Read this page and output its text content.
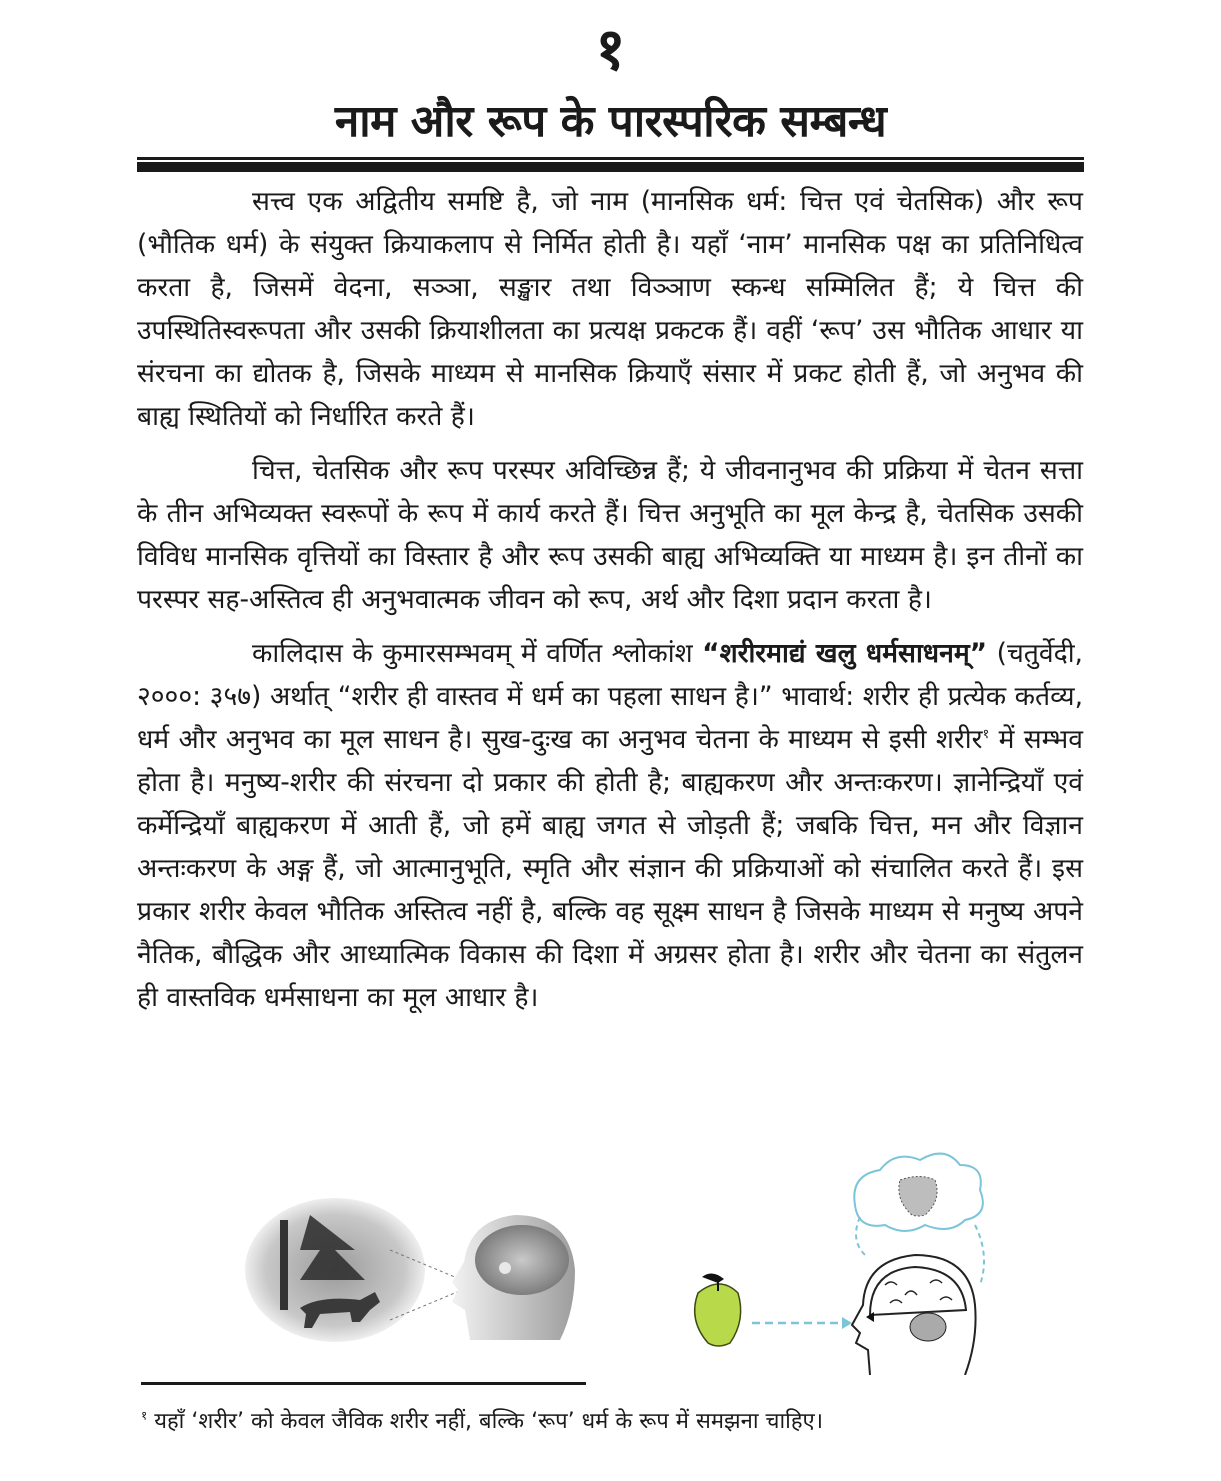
१
नाम और रूप के पारस्परिक सम्बन्ध

सत्त्व एक अद्वितीय समष्टि है, जो नाम (मानसिक धर्म: चित्त एवं चेतसिक) और रूप (भौतिक धर्म) के संयुक्त क्रियाकलाप से निर्मित होती है। यहाँ ‘नाम’ मानसिक पक्ष का प्रतिनिधित्व करता है, जिसमें वेदना, सञ्ञा, सङ्खार तथा विञ्ञाण स्कन्ध सम्मिलित हैं; ये चित्त की उपस्थितिस्वरूपता और उसकी क्रियाशीलता का प्रत्यक्ष प्रकटक हैं। वहीं ‘रूप’ उस भौतिक आधार या संरचना का द्योतक है, जिसके माध्यम से मानसिक क्रियाएँ संसार में प्रकट होती हैं, जो अनुभव की बाह्य स्थितियों को निर्धारित करते हैं।

चित्त, चेतसिक और रूप परस्पर अविच्छिन्न हैं; ये जीवनानुभव की प्रक्रिया में चेतन सत्ता के तीन अभिव्यक्त स्वरूपों के रूप में कार्य करते हैं। चित्त अनुभूति का मूल केन्द्र है, चेतसिक उसकी विविध मानसिक वृत्तियों का विस्तार है और रूप उसकी बाह्य अभिव्यक्ति या माध्यम है। इन तीनों का परस्पर सह-अस्तित्व ही अनुभवात्मक जीवन को रूप, अर्थ और दिशा प्रदान करता है।

कालिदास के कुमारसम्भवम् में वर्णित श्लोकांश “शरीरमाद्यं खलु धर्मसाधनम्” (चतुर्वेदी, २०००: ३५७) अर्थात् “शरीर ही वास्तव में धर्म का पहला साधन है।” भावार्थ: शरीर ही प्रत्येक कर्तव्य, धर्म और अनुभव का मूल साधन है। सुख-दुःख का अनुभव चेतना के माध्यम से इसी शरीर$^१$ में सम्भव होता है। मनुष्य-शरीर की संरचना दो प्रकार की होती है; बाह्यकरण और अन्तःकरण। ज्ञानेन्द्रियाँ एवं कर्मेन्द्रियाँ बाह्यकरण में आती हैं, जो हमें बाह्य जगत से जोड़ती हैं; जबकि चित्त, मन और विज्ञान अन्तःकरण के अङ्ग हैं, जो आत्मानुभूति, स्मृति और संज्ञान की प्रक्रियाओं को संचालित करते हैं। इस प्रकार शरीर केवल भौतिक अस्तित्व नहीं है, बल्कि वह सूक्ष्म साधन है जिसके माध्यम से मनुष्य अपने नैतिक, बौद्धिक और आध्यात्मिक विकास की दिशा में अग्रसर होता है। शरीर और चेतना का संतुलन ही वास्तविक धर्मसाधना का मूल आधार है।

$^१$ यहाँ ‘शरीर’ को केवल जैविक शरीर नहीं, बल्कि ‘रूप’ धर्म के रूप में समझना चाहिए।
